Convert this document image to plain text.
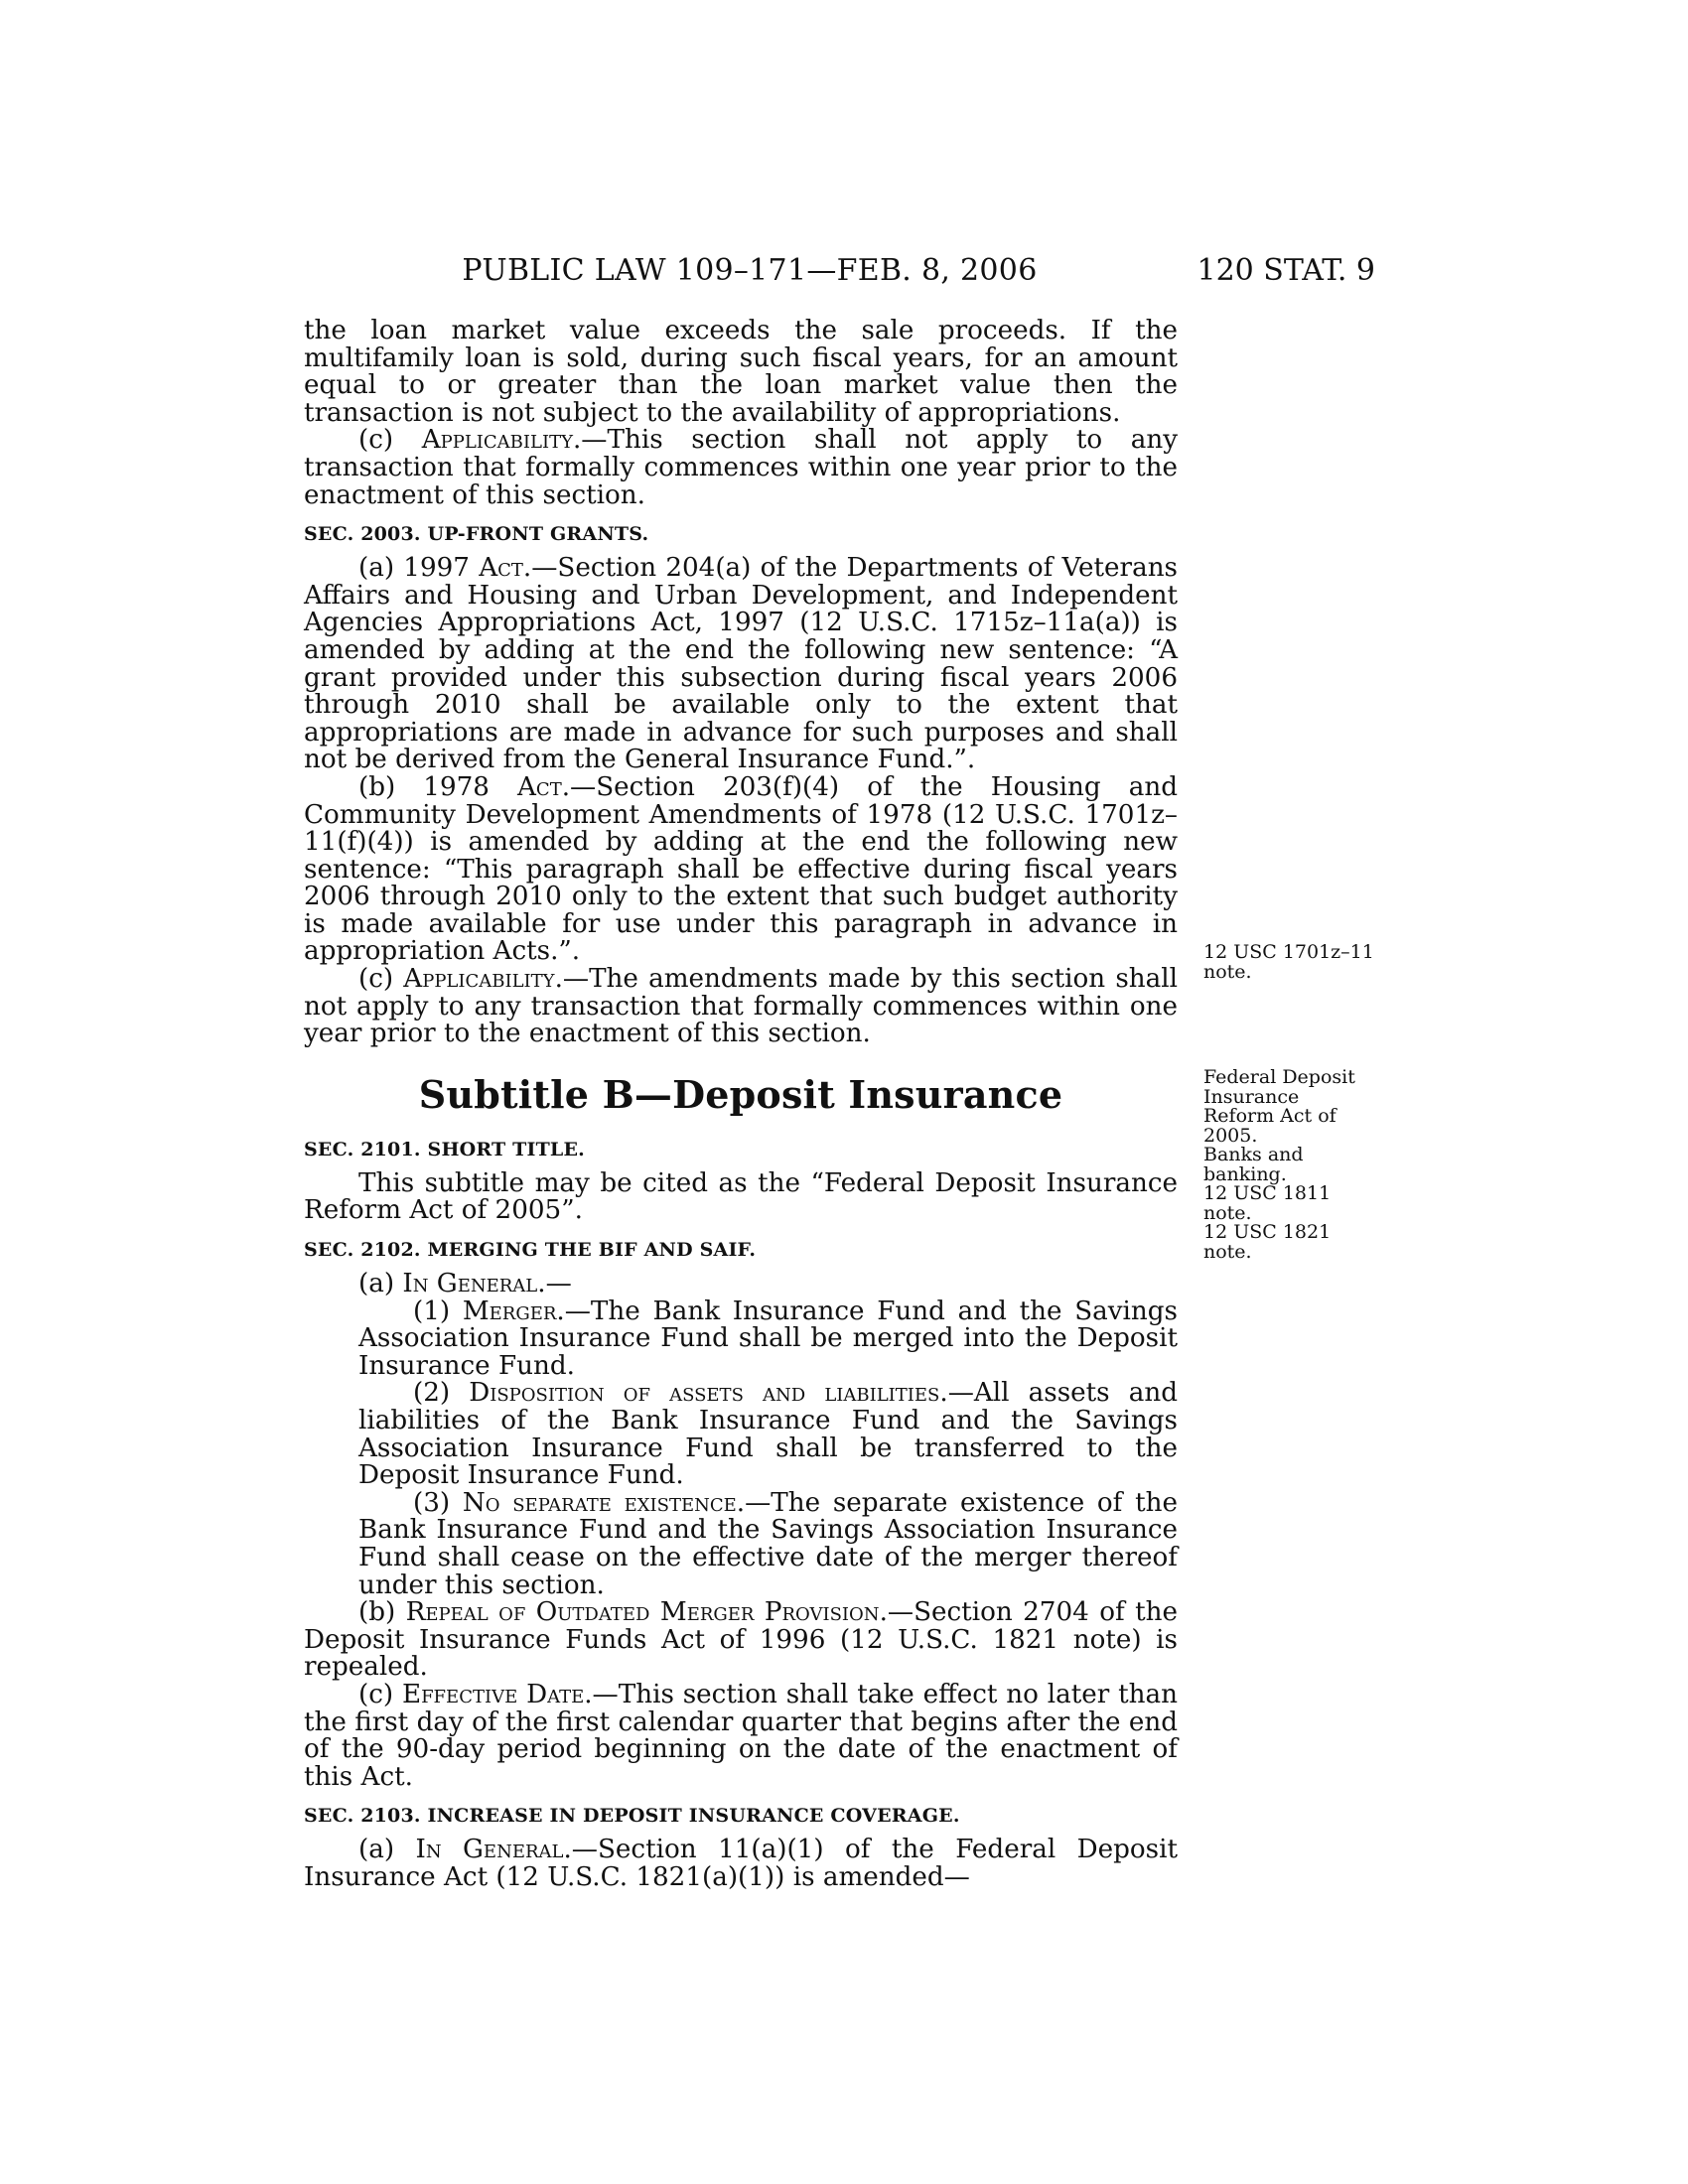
PUBLIC LAW 109–171—FEB. 8, 2006	120 STAT. 9

the loan market value exceeds the sale proceeds. If the multifamily loan is sold, during such fiscal years, for an amount equal to or greater than the loan market value then the transaction is not subject to the availability of appropriations.

(c) Applicability.—This section shall not apply to any transaction that formally commences within one year prior to the enactment of this section.

SEC. 2003. UP-FRONT GRANTS.

(a) 1997 Act.—Section 204(a) of the Departments of Veterans Affairs and Housing and Urban Development, and Independent Agencies Appropriations Act, 1997 (12 U.S.C. 1715z–11a(a)) is amended by adding at the end the following new sentence: “A grant provided under this subsection during fiscal years 2006 through 2010 shall be available only to the extent that appropriations are made in advance for such purposes and shall not be derived from the General Insurance Fund.”.

(b) 1978 Act.—Section 203(f)(4) of the Housing and Community Development Amendments of 1978 (12 U.S.C. 1701z–11(f)(4)) is amended by adding at the end the following new sentence: “This paragraph shall be effective during fiscal years 2006 through 2010 only to the extent that such budget authority is made available for use under this paragraph in advance in appropriation Acts.”.

(c) Applicability.—The amendments made by this section shall not apply to any transaction that formally commences within one year prior to the enactment of this section.

Subtitle B—Deposit Insurance
SEC. 2101. SHORT TITLE.

This subtitle may be cited as the “Federal Deposit Insurance Reform Act of 2005”.

SEC. 2102. MERGING THE BIF AND SAIF.

(a) In General.—

(1) Merger.—The Bank Insurance Fund and the Savings Association Insurance Fund shall be merged into the Deposit Insurance Fund.

(2) Disposition of assets and liabilities.—All assets and liabilities of the Bank Insurance Fund and the Savings Association Insurance Fund shall be transferred to the Deposit Insurance Fund.

(3) No separate existence.—The separate existence of the Bank Insurance Fund and the Savings Association Insurance Fund shall cease on the effective date of the merger thereof under this section.

(b) Repeal of Outdated Merger Provision.—Section 2704 of the Deposit Insurance Funds Act of 1996 (12 U.S.C. 1821 note) is repealed.

(c) Effective Date.—This section shall take effect no later than the first day of the first calendar quarter that begins after the end of the 90-day period beginning on the date of the enactment of this Act.

SEC. 2103. INCREASE IN DEPOSIT INSURANCE COVERAGE.

(a) In General.—Section 11(a)(1) of the Federal Deposit Insurance Act (12 U.S.C. 1821(a)(1)) is amended—

12 USC 1701z–11
note.
Federal Deposit
Insurance
Reform Act of
2005.
Banks and
banking.
12 USC 1811
note.
12 USC 1821
note.
